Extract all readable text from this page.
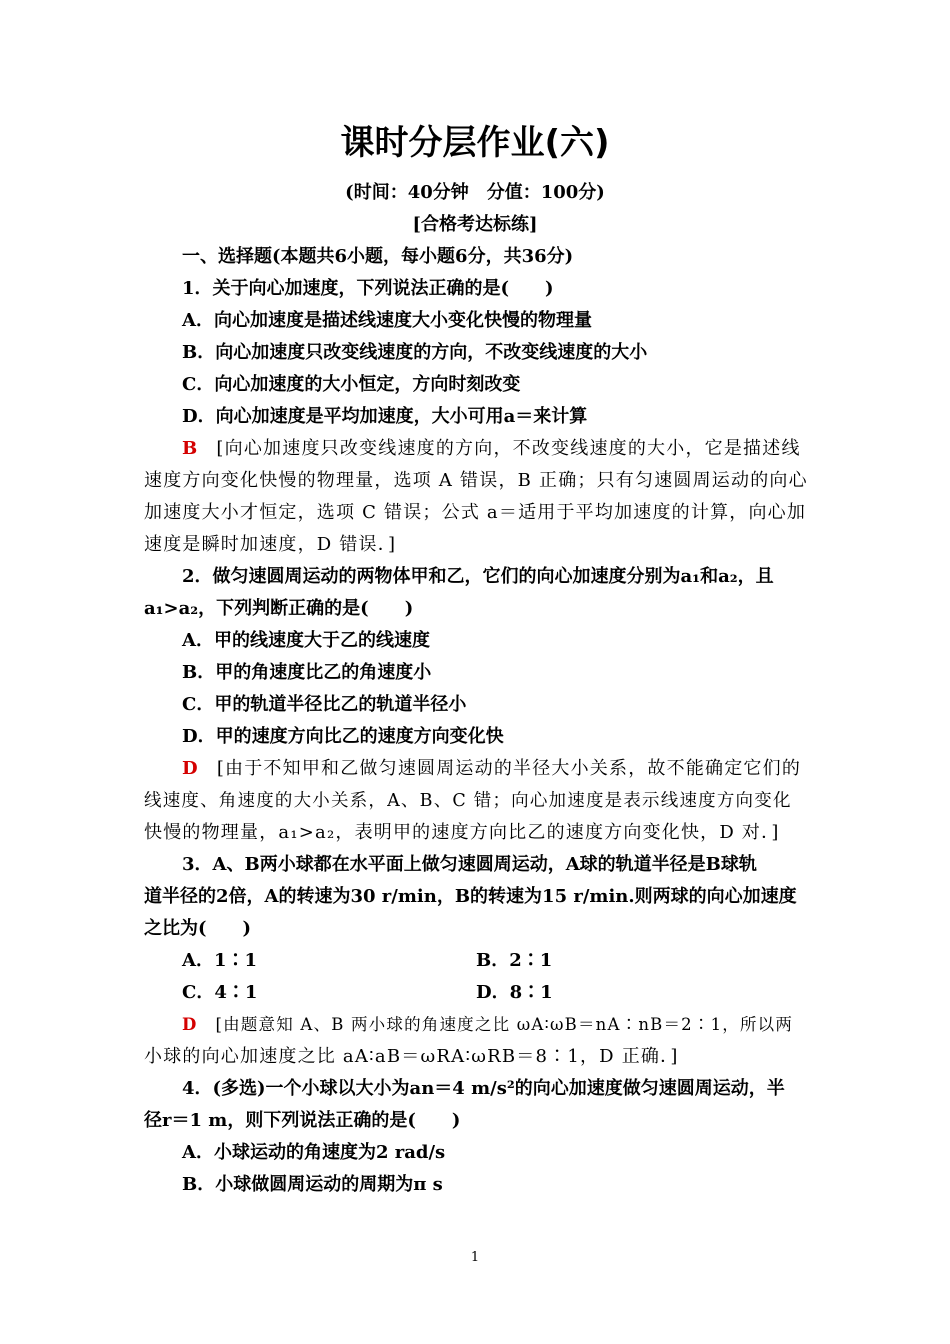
课时分层作业(六)
(时间：40分钟　分值：100分)
[合格考达标练]
一、选择题(本题共6小题，每小题6分，共36分)
1．关于向心加速度，下列说法正确的是(　　)
A．向心加速度是描述线速度大小变化快慢的物理量
B．向心加速度只改变线速度的方向，不改变线速度的大小
C．向心加速度的大小恒定，方向时刻改变
D．向心加速度是平均加速度，大小可用a＝来计算
B [向心加速度只改变线速度的方向，不改变线速度的大小，它是描述线
速度方向变化快慢的物理量，选项 A 错误，B 正确；只有匀速圆周运动的向心
加速度大小才恒定，选项 C 错误；公式 a＝适用于平均加速度的计算，向心加
速度是瞬时加速度，D 错误．]
2．做匀速圆周运动的两物体甲和乙，它们的向心加速度分别为a₁和a₂，且
a₁>a₂，下列判断正确的是(　　)
A．甲的线速度大于乙的线速度
B．甲的角速度比乙的角速度小
C．甲的轨道半径比乙的轨道半径小
D．甲的速度方向比乙的速度方向变化快
D [由于不知甲和乙做匀速圆周运动的半径大小关系，故不能确定它们的
线速度、角速度的大小关系，A、B、C 错；向心加速度是表示线速度方向变化
快慢的物理量，a₁>a₂，表明甲的速度方向比乙的速度方向变化快，D 对．]
3．A、B两小球都在水平面上做匀速圆周运动，A球的轨道半径是B球轨
道半径的2倍，A的转速为30 r/min，B的转速为15 r/min.则两球的向心加速度
之比为(　　)
A．1∶1	B．2∶1
C．4∶1	D．8∶1
D [由题意知 A、B 两小球的角速度之比 ωA∶ωB＝nA∶nB＝2∶1，所以两
小球的向心加速度之比 aA∶aB＝ωRA∶ωRB＝8∶1，D 正确．]
4．(多选)一个小球以大小为an＝4 m/s²的向心加速度做匀速圆周运动，半
径r＝1 m，则下列说法正确的是(　　)
A．小球运动的角速度为2 rad/s
B．小球做圆周运动的周期为π s
1
